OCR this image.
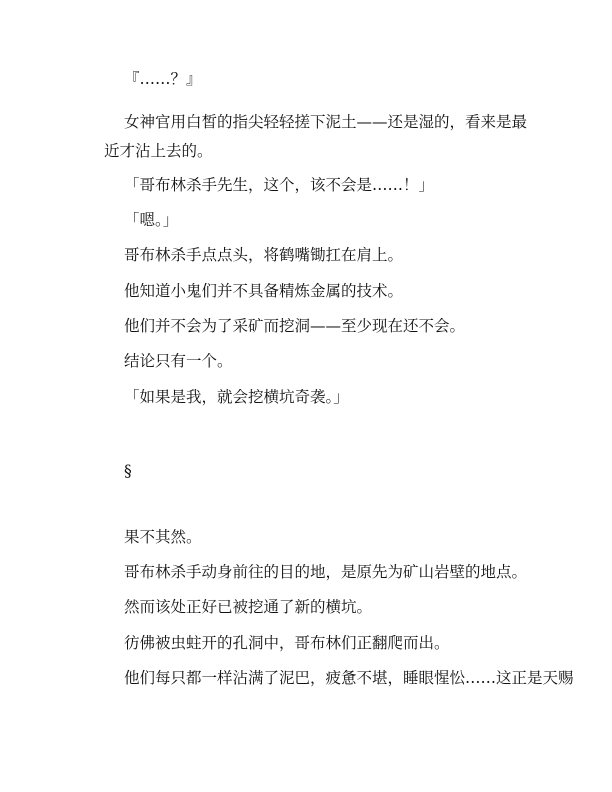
『……？』
女神官用白皙的指尖轻轻搓下泥土——还是湿的，看来是最近才沾上去的。
「哥布林杀手先生，这个，该不会是……！」
「嗯。」
哥布林杀手点点头，将鹤嘴锄扛在肩上。
他知道小鬼们并不具备精炼金属的技术。
他们并不会为了采矿而挖洞——至少现在还不会。
结论只有一个。
「如果是我，就会挖横坑奇袭。」
§
果不其然。
哥布林杀手动身前往的目的地，是原先为矿山岩壁的地点。
然而该处正好已被挖通了新的横坑。
彷佛被虫蛀开的孔洞中，哥布林们正翻爬而出。
他们每只都一样沾满了泥巴，疲惫不堪，睡眼惺忪……这正是天赐
